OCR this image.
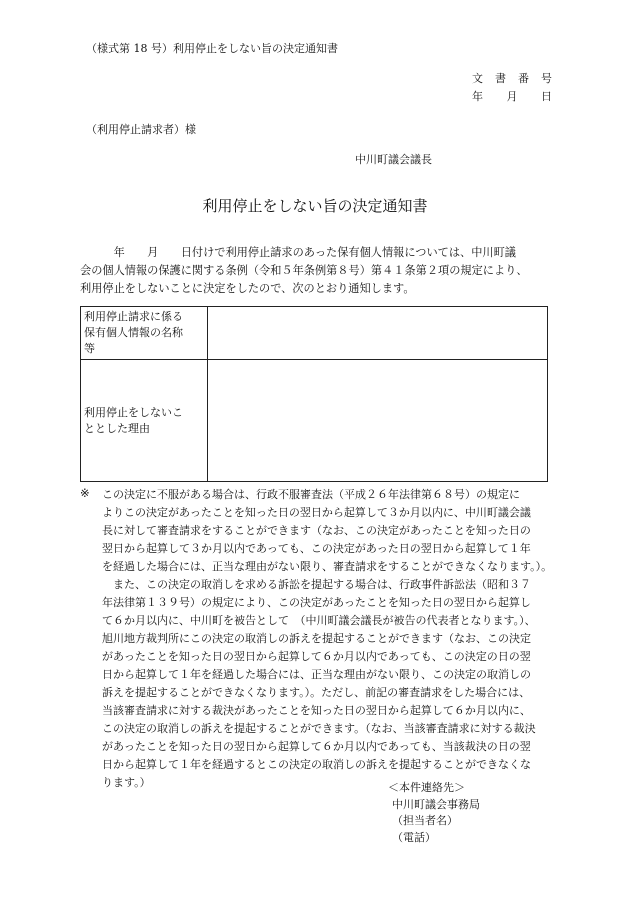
（様式第 18 号）利用停止をしない旨の決定通知書
文 書 番 号
年 月 日
（利用停止請求者）様
中川町議会議長
利用停止をしない旨の決定通知書
　　　年　　月　　日付けで利用停止請求のあった保有個人情報については、中川町議
会の個人情報の保護に関する条例（令和５年条例第８号）第４１条第２項の規定により、
利用停止をしないことに決定をしたので、次のとおり通知します。
利用停止請求に係る
保有個人情報の名称
等	

利用停止をしないこ
ととした理由	

※	この決定に不服がある場合は、行政不服審査法（平成２６年法律第６８号）の規定に
よりこの決定があったことを知った日の翌日から起算して３か月以内に、中川町議会議
長に対して審査請求をすることができます（なお、この決定があったことを知った日の
翌日から起算して３か月以内であっても、この決定があった日の翌日から起算して１年
を経過した場合には、正当な理由がない限り、審査請求をすることができなくなります。）。
　また、この決定の取消しを求める訴訟を提起する場合は、行政事件訴訟法（昭和３７
年法律第１３９号）の規定により、この決定があったことを知った日の翌日から起算し
て６か月以内に、中川町を被告として　（中川町議会議長が被告の代表者となります。）、
旭川地方裁判所にこの決定の取消しの訴えを提起することができます（なお、この決定
があったことを知った日の翌日から起算して６か月以内であっても、この決定の日の翌
日から起算して１年を経過した場合には、正当な理由がない限り、この決定の取消しの
訴えを提起することができなくなります。）。ただし、前記の審査請求をした場合には、
当該審査請求に対する裁決があったことを知った日の翌日から起算して６か月以内に、
この決定の取消しの訴えを提起することができます。（なお、当該審査請求に対する裁決
があったことを知った日の翌日から起算して６か月以内であっても、当該裁決の日の翌
日から起算して１年を経過するとこの決定の取消しの訴えを提起することができなくな
ります。）	＜本件連絡先＞
中川町議会事務局
（担当者名）
（電話）
